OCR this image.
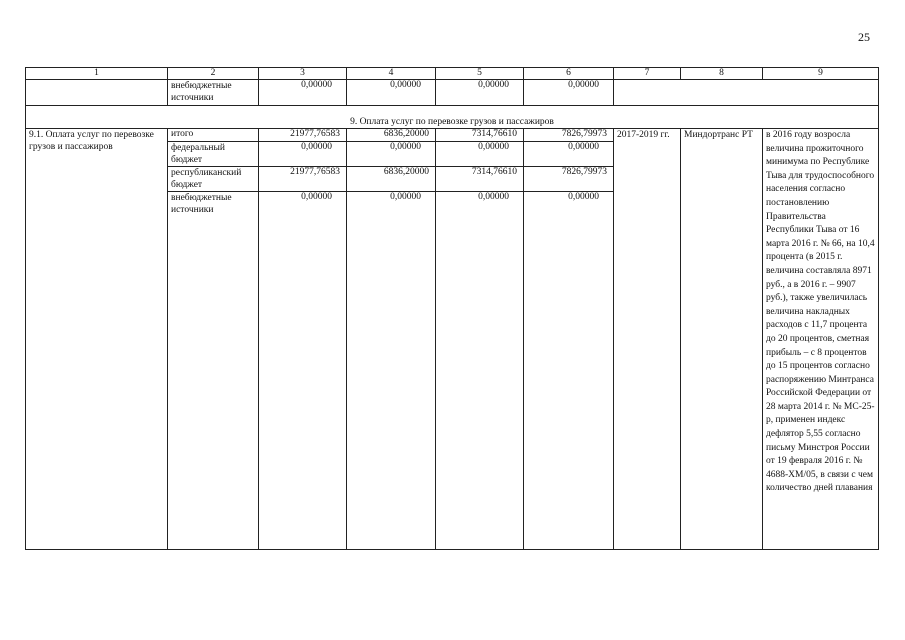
25
1	2	3	4	5	6	7	8	9
	внебюджетные источники	0,00000	0,00000	0,00000	0,00000			
9. Оплата услуг по перевозке грузов и пассажиров								
9.1. Оплата услуг по перевозке грузов и пассажиров	итого	21977,76583	6836,20000	7314,76610	7826,79973	2017-2019 гг.	Миндортранс РТ	в 2016 году возросла величина прожиточного минимума по Республике Тыва для трудоспособного населения согласно постановлению Правительства Республики Тыва от 16 марта 2016 г. № 66, на 10,4 процента (в 2015 г. величина составляла 8971 руб., а в 2016 г. – 9907 руб.), также увеличилась величина накладных расходов с 11,7 процента до 20 процентов, сметная прибыль – с 8 процентов до 15 процентов согласно распоряжению Минтранса Российской Федерации от 28 марта 2014 г. № МС-25-р, применен индекс дефлятор 5,55 согласно письму Минстроя России от 19 февраля 2016 г. № 4688-ХМ/05, в связи с чем количество дней плавания
	федеральный бюджет	0,00000	0,00000	0,00000	0,00000			
	республиканский бюджет	21977,76583	6836,20000	7314,76610	7826,79973			
	внебюджетные источники	0,00000	0,00000	0,00000	0,00000			
